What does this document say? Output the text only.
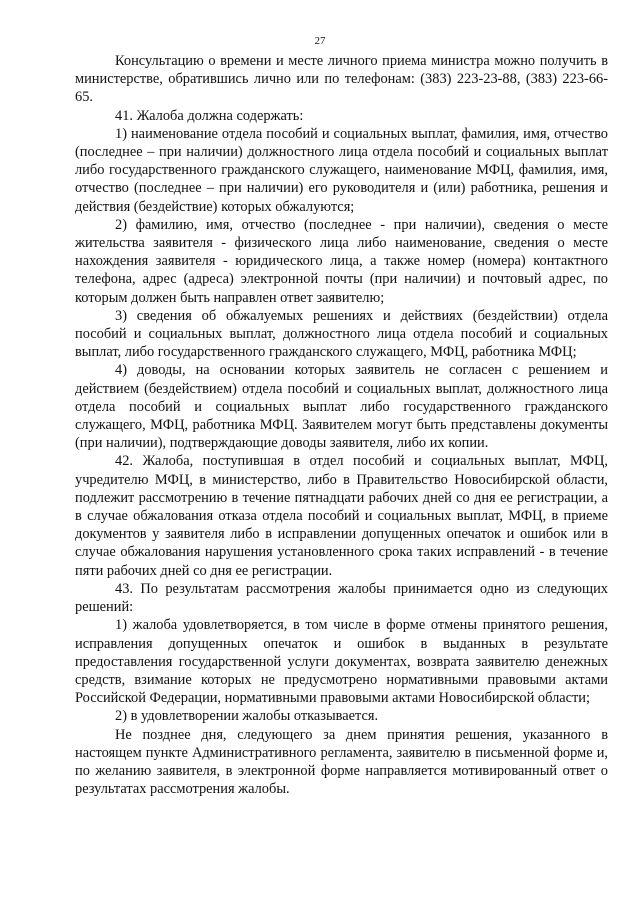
27

Консультацию о времени и месте личного приема министра можно получить в министерстве, обратившись лично или по телефонам: (383) 223-23-88, (383) 223-66-65.

41. Жалоба должна содержать:

1) наименование отдела пособий и социальных выплат, фамилия, имя, отчество (последнее – при наличии) должностного лица отдела пособий и социальных выплат либо государственного гражданского служащего, наименование МФЦ, фамилия, имя, отчество (последнее – при наличии) его руководителя и (или) работника, решения и действия (бездействие) которых обжалуются;

2) фамилию, имя, отчество (последнее - при наличии), сведения о месте жительства заявителя - физического лица либо наименование, сведения о месте нахождения заявителя - юридического лица, а также номер (номера) контактного телефона, адрес (адреса) электронной почты (при наличии) и почтовый адрес, по которым должен быть направлен ответ заявителю;

3) сведения об обжалуемых решениях и действиях (бездействии) отдела пособий и социальных выплат, должностного лица отдела пособий и социальных выплат, либо государственного гражданского служащего, МФЦ, работника МФЦ;

4) доводы, на основании которых заявитель не согласен с решением и действием (бездействием) отдела пособий и социальных выплат, должностного лица отдела пособий и социальных выплат либо государственного гражданского служащего, МФЦ, работника МФЦ. Заявителем могут быть представлены документы (при наличии), подтверждающие доводы заявителя, либо их копии.

42. Жалоба, поступившая в отдел пособий и социальных выплат, МФЦ, учредителю МФЦ, в министерство, либо в Правительство Новосибирской области, подлежит рассмотрению в течение пятнадцати рабочих дней со дня ее регистрации, а в случае обжалования отказа отдела пособий и социальных выплат, МФЦ, в приеме документов у заявителя либо в исправлении допущенных опечаток и ошибок или в случае обжалования нарушения установленного срока таких исправлений - в течение пяти рабочих дней со дня ее регистрации.

43. По результатам рассмотрения жалобы принимается одно из следующих решений:

1) жалоба удовлетворяется, в том числе в форме отмены принятого решения, исправления допущенных опечаток и ошибок в выданных в результате предоставления государственной услуги документах, возврата заявителю денежных средств, взимание которых не предусмотрено нормативными правовыми актами Российской Федерации, нормативными правовыми актами Новосибирской области;

2) в удовлетворении жалобы отказывается.

Не позднее дня, следующего за днем принятия решения, указанного в настоящем пункте Административного регламента, заявителю в письменной форме и, по желанию заявителя, в электронной форме направляется мотивированный ответ о результатах рассмотрения жалобы.
